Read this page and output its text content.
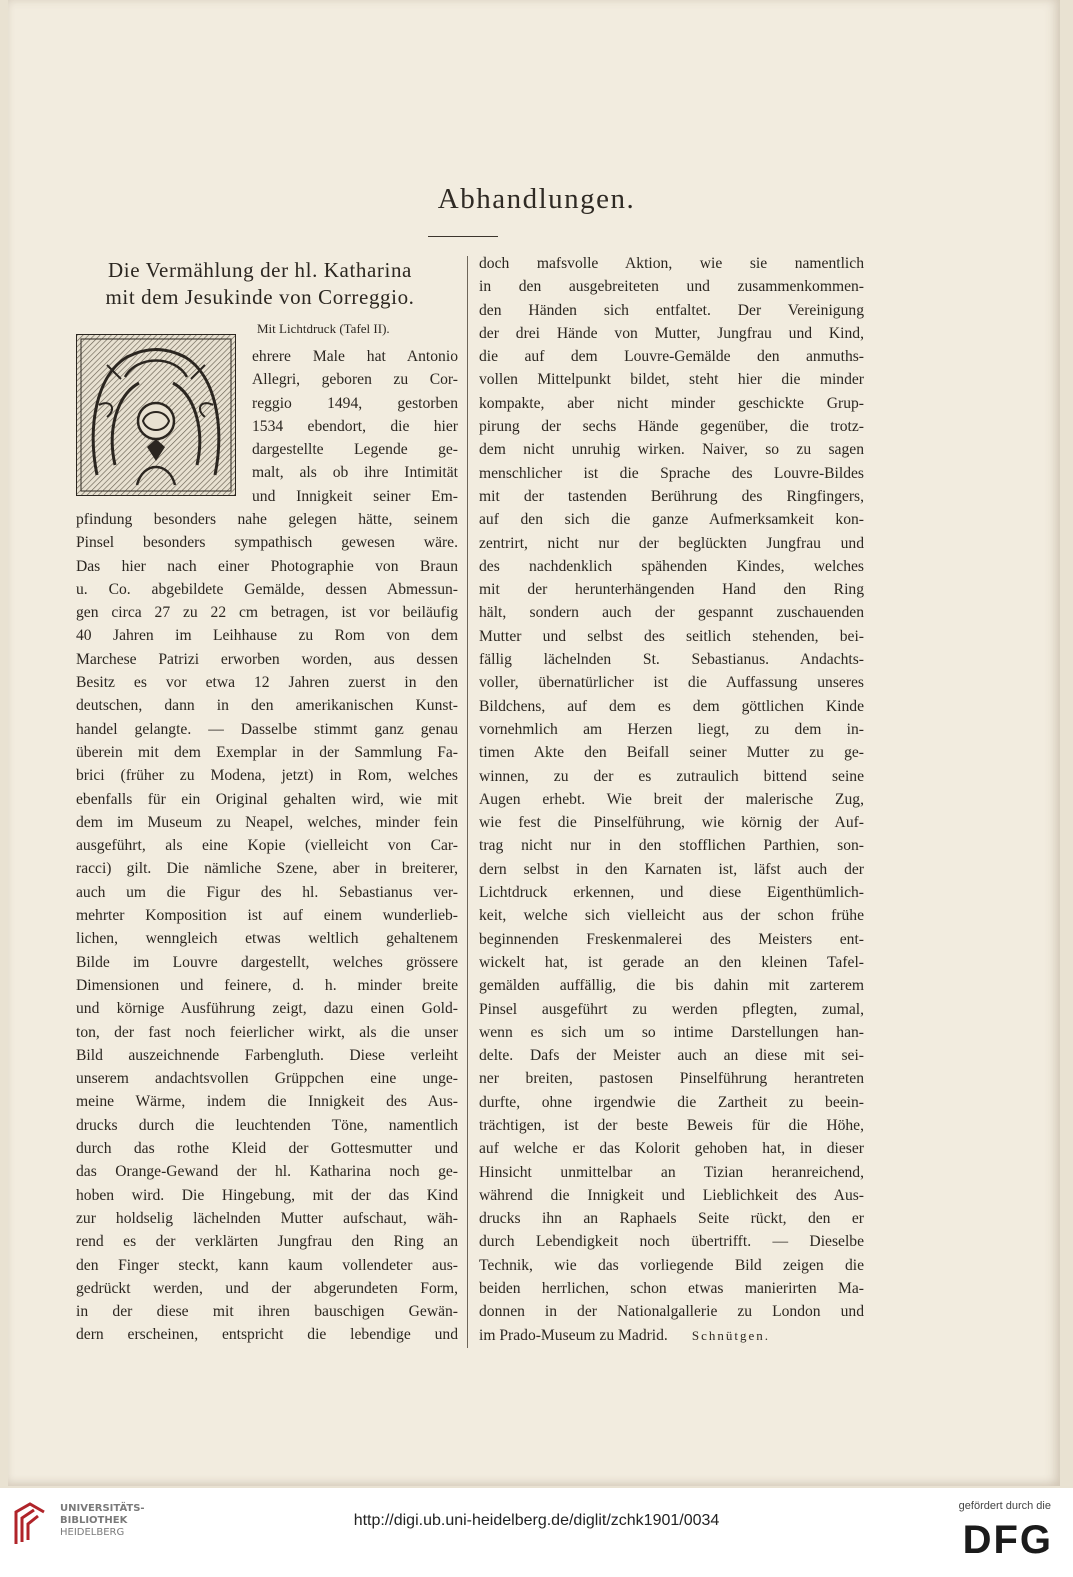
Abhandlungen.
Die Vermählung der hl. Katharina
mit dem Jesukinde von Correggio.
Mit Lichtdruck (Tafel II).
ehrere Male hat Antonio
Allegri, geboren zu Cor-
reggio 1494, gestorben
1534 ebendort, die hier
dargestellte Legende ge-
malt, als ob ihre Intimität
und Innigkeit seiner Em-
pfindung besonders nahe gelegen hätte, seinem
Pinsel besonders sympathisch gewesen wäre.
Das hier nach einer Photographie von Braun
u. Co. abgebildete Gemälde, dessen Abmessun-
gen circa 27 zu 22 cm betragen, ist vor beiläufig
40 Jahren im Leihhause zu Rom von dem
Marchese Patrizi erworben worden, aus dessen
Besitz es vor etwa 12 Jahren zuerst in den
deutschen, dann in den amerikanischen Kunst-
handel gelangte. — Dasselbe stimmt ganz genau
überein mit dem Exemplar in der Sammlung Fa-
brici (früher zu Modena, jetzt) in Rom, welches
ebenfalls für ein Original gehalten wird, wie mit
dem im Museum zu Neapel, welches, minder fein
ausgeführt, als eine Kopie (vielleicht von Car-
racci) gilt. Die nämliche Szene, aber in breiterer,
auch um die Figur des hl. Sebastianus ver-
mehrter Komposition ist auf einem wunderlieb-
lichen, wenngleich etwas weltlich gehaltenem
Bilde im Louvre dargestellt, welches grössere
Dimensionen und feinere, d. h. minder breite
und körnige Ausführung zeigt, dazu einen Gold-
ton, der fast noch feierlicher wirkt, als die unser
Bild auszeichnende Farbengluth. Diese verleiht
unserem andachtsvollen Grüppchen eine unge-
meine Wärme, indem die Innigkeit des Aus-
drucks durch die leuchtenden Töne, namentlich
durch das rothe Kleid der Gottesmutter und
das Orange-Gewand der hl. Katharina noch ge-
hoben wird. Die Hingebung, mit der das Kind
zur holdselig lächelnden Mutter aufschaut, wäh-
rend es der verklärten Jungfrau den Ring an
den Finger steckt, kann kaum vollendeter aus-
gedrückt werden, und der abgerundeten Form,
in der diese mit ihren bauschigen Gewän-
dern erscheinen, entspricht die lebendige und
doch mafsvolle Aktion, wie sie namentlich
in den ausgebreiteten und zusammenkommen-
den Händen sich entfaltet. Der Vereinigung
der drei Hände von Mutter, Jungfrau und Kind,
die auf dem Louvre-Gemälde den anmuths-
vollen Mittelpunkt bildet, steht hier die minder
kompakte, aber nicht minder geschickte Grup-
pirung der sechs Hände gegenüber, die trotz-
dem nicht unruhig wirken. Naiver, so zu sagen
menschlicher ist die Sprache des Louvre-Bildes
mit der tastenden Berührung des Ringfingers,
auf den sich die ganze Aufmerksamkeit kon-
zentrirt, nicht nur der beglückten Jungfrau und
des nachdenklich spähenden Kindes, welches
mit der herunterhängenden Hand den Ring
hält, sondern auch der gespannt zuschauenden
Mutter und selbst des seitlich stehenden, bei-
fällig lächelnden St. Sebastianus. Andachts-
voller, übernatürlicher ist die Auffassung unseres
Bildchens, auf dem es dem göttlichen Kinde
vornehmlich am Herzen liegt, zu dem in-
timen Akte den Beifall seiner Mutter zu ge-
winnen, zu der es zutraulich bittend seine
Augen erhebt. Wie breit der malerische Zug,
wie fest die Pinselführung, wie körnig der Auf-
trag nicht nur in den stofflichen Parthien, son-
dern selbst in den Karnaten ist, läfst auch der
Lichtdruck erkennen, und diese Eigenthümlich-
keit, welche sich vielleicht aus der schon frühe
beginnenden Freskenmalerei des Meisters ent-
wickelt hat, ist gerade an den kleinen Tafel-
gemälden auffällig, die bis dahin mit zarterem
Pinsel ausgeführt zu werden pflegten, zumal,
wenn es sich um so intime Darstellungen han-
delte. Dafs der Meister auch an diese mit sei-
ner breiten, pastosen Pinselführung herantreten
durfte, ohne irgendwie die Zartheit zu beein-
trächtigen, ist der beste Beweis für die Höhe,
auf welche er das Kolorit gehoben hat, in dieser
Hinsicht unmittelbar an Tizian heranreichend,
während die Innigkeit und Lieblichkeit des Aus-
drucks ihn an Raphaels Seite rückt, den er
durch Lebendigkeit noch übertrifft. — Dieselbe
Technik, wie das vorliegende Bild zeigen die
beiden herrlichen, schon etwas manierirten Ma-
donnen in der Nationalgallerie zu London und
im Prado-Museum zu Madrid. Schnütgen.
UNIVERSITÄTS-
BIBLIOTHEK
HEIDELBERG
http://digi.ub.uni-heidelberg.de/diglit/zchk1901/0034
gefördert durch die
DFG
